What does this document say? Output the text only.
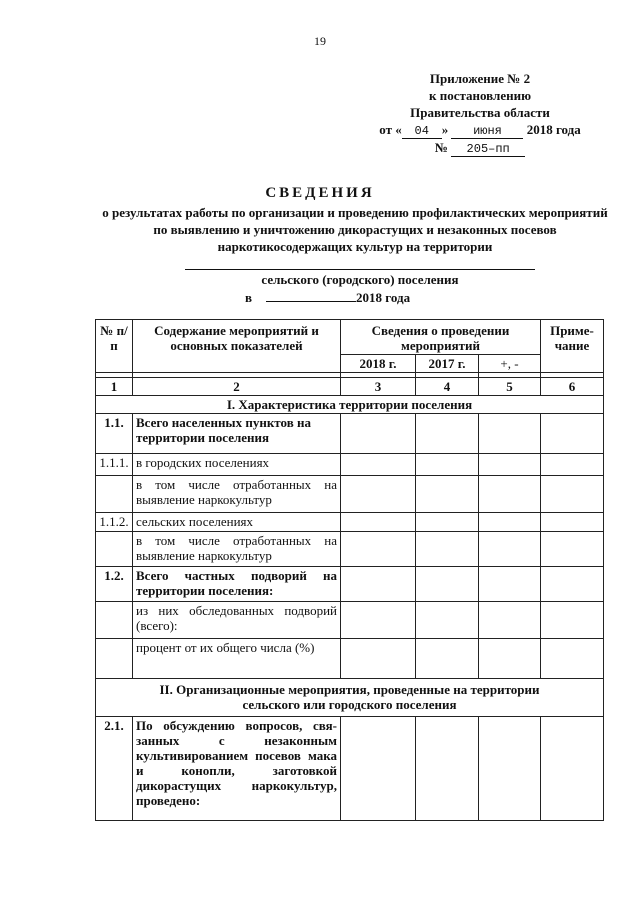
19
Приложение № 2
к постановлению
Правительства области
от « 04 » июня 2018 года
№ 205–пп
СВЕДЕНИЯ
о результатах работы по организации и проведению профилактических мероприятий по выявлению и уничтожению дикорастущих и незаконных посевов наркотикосодержащих культур на территории
сельского (городского) поселения
в	2018 года
№ п/п	Содержание мероприятий и основных показателей	Сведения о проведении мероприятий			Приме-чание
		2018 г.	2017 г.	+, -	

1	2	3	4	5	6
I. Характеристика территории поселения					
1.1.	Всего населенных пунктов на территории поселения				
1.1.1.	в городских поселениях				
	в том числе отработанных на выявление наркокультур				
1.1.2.	сельских поселениях				
	в том числе отработанных на выявление наркокультур				
1.2.	Всего частных подворий на территории поселения:				
	из них обследованных подворий (всего):				
	процент от их общего числа (%)				
II. Организационные мероприятия, проведенные на территории сельского или городского поселения					
2.1.	По обсуждению вопросов, свя-занных с незаконным культивированием посевов мака и конопли, заготовкой дикорастущих наркокультур, проведено:				
